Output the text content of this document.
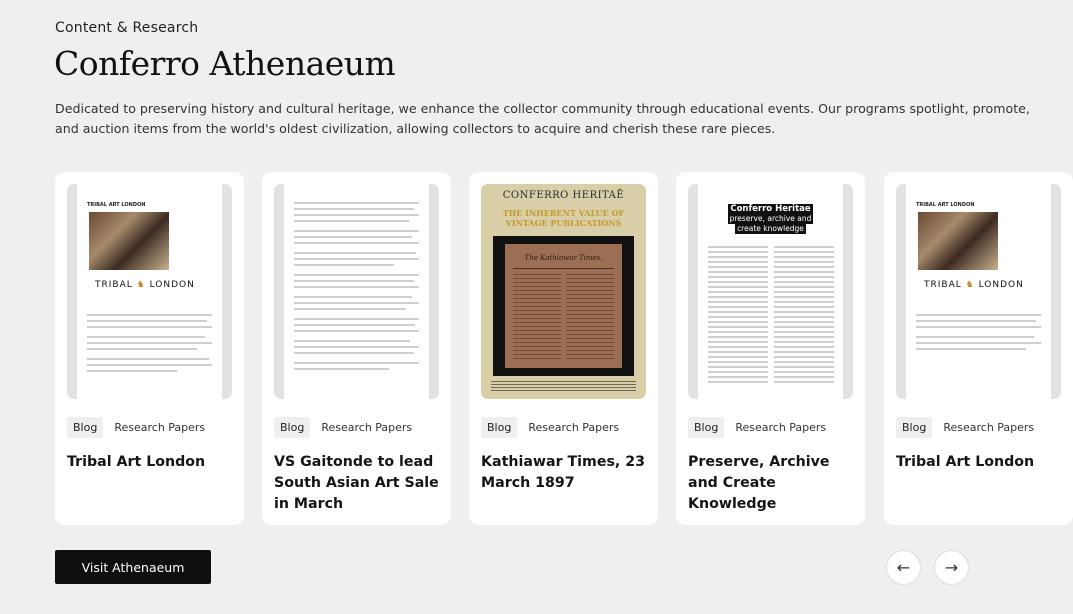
Content & Research
Conferro Athenaeum

Dedicated to preserving history and cultural heritage, we enhance the collector community through educational events. Our programs spotlight, promote,
and auction items from the world's oldest civilization, allowing collectors to acquire and cherish these rare pieces.

TRIBAL ART LONDON
TRIBAL ♞ LONDON
Blog	Research Papers
Tribal Art London
Blog	Research Papers
VS Gaitonde to lead South Asian Art Sale in March
CONFERRO HERITAĒ
THE INHERENT VALUE OF VINTAGE PUBLICATIONS
The Kathiawar Times.
Blog	Research Papers
Kathiawar Times, 23 March 1897
Conferro Heritae preserve, archive and create knowledge
Blog	Research Papers
Preserve, Archive and Create Knowledge
TRIBAL ART LONDON
TRIBAL ♞ LONDON
Blog	Research Papers
Tribal Art London
Visit Athenaeum	← →
